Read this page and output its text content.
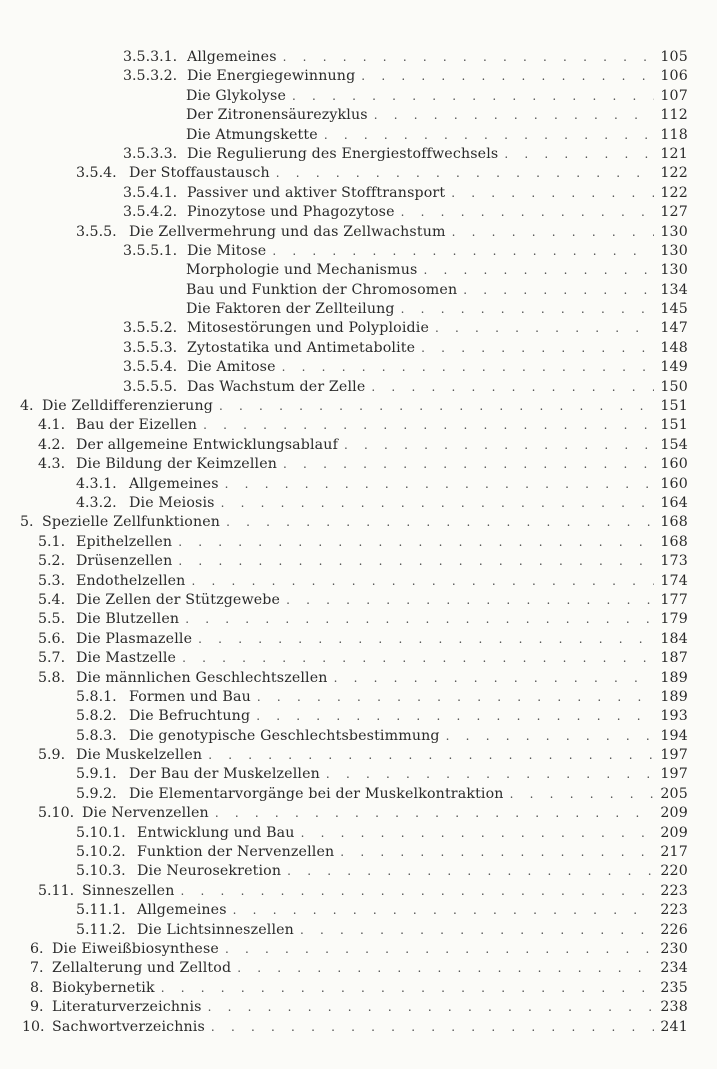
3.5.3.1. Allgemeines . . .	105
3.5.3.2. Die Energiegewinnung . . .	106
Die Glykolyse . . .	107
Der Zitronensäurezyklus . . .	112
Die Atmungskette . . .	118
3.5.3.3. Die Regulierung des Energiestoffwechsels . . .	121
3.5.4. Der Stoffaustausch . . .	122
3.5.4.1. Passiver und aktiver Stofftransport . . .	122
3.5.4.2. Pinozytose und Phagozytose . . .	127
3.5.5. Die Zellvermehrung und das Zellwachstum . . .	130
3.5.5.1. Die Mitose . . .	130
Morphologie und Mechanismus . . .	130
Bau und Funktion der Chromosomen . . .	134
Die Faktoren der Zellteilung . . .	145
3.5.5.2. Mitosestörungen und Polyploidie . . .	147
3.5.5.3. Zytostatika und Antimetabolite . . .	148
3.5.5.4. Die Amitose . . .	149
3.5.5.5. Das Wachstum der Zelle . . .	150
4. Die Zelldifferenzierung . . .	151
4.1. Bau der Eizellen . . .	151
4.2. Der allgemeine Entwicklungsablauf . . .	154
4.3. Die Bildung der Keimzellen . . .	160
4.3.1. Allgemeines . . .	160
4.3.2. Die Meiosis . . .	164
5. Spezielle Zellfunktionen . . .	168
5.1. Epithelzellen . . .	168
5.2. Drüsenzellen . . .	173
5.3. Endothelzellen . . .	174
5.4. Die Zellen der Stützgewebe . . .	177
5.5. Die Blutzellen . . .	179
5.6. Die Plasmazelle . . .	184
5.7. Die Mastzelle . . .	187
5.8. Die männlichen Geschlechtszellen . . .	189
5.8.1. Formen und Bau . . .	189
5.8.2. Die Befruchtung . . .	193
5.8.3. Die genotypische Geschlechtsbestimmung . . .	194
5.9. Die Muskelzellen . . .	197
5.9.1. Der Bau der Muskelzellen . . .	197
5.9.2. Die Elementarvorgänge bei der Muskelkontraktion . . .	205
5.10. Die Nervenzellen . . .	209
5.10.1. Entwicklung und Bau . . .	209
5.10.2. Funktion der Nervenzellen . . .	217
5.10.3. Die Neurosekretion . . .	220
5.11. Sinneszellen . . .	223
5.11.1. Allgemeines . . .	223
5.11.2. Die Lichtsinneszellen . . .	226
6. Die Eiweißbiosynthese . . .	230
7. Zellalterung und Zelltod . . .	234
8. Biokybernetik . . .	235
9. Literaturverzeichnis . . .	238
10. Sachwortverzeichnis . . .	241
